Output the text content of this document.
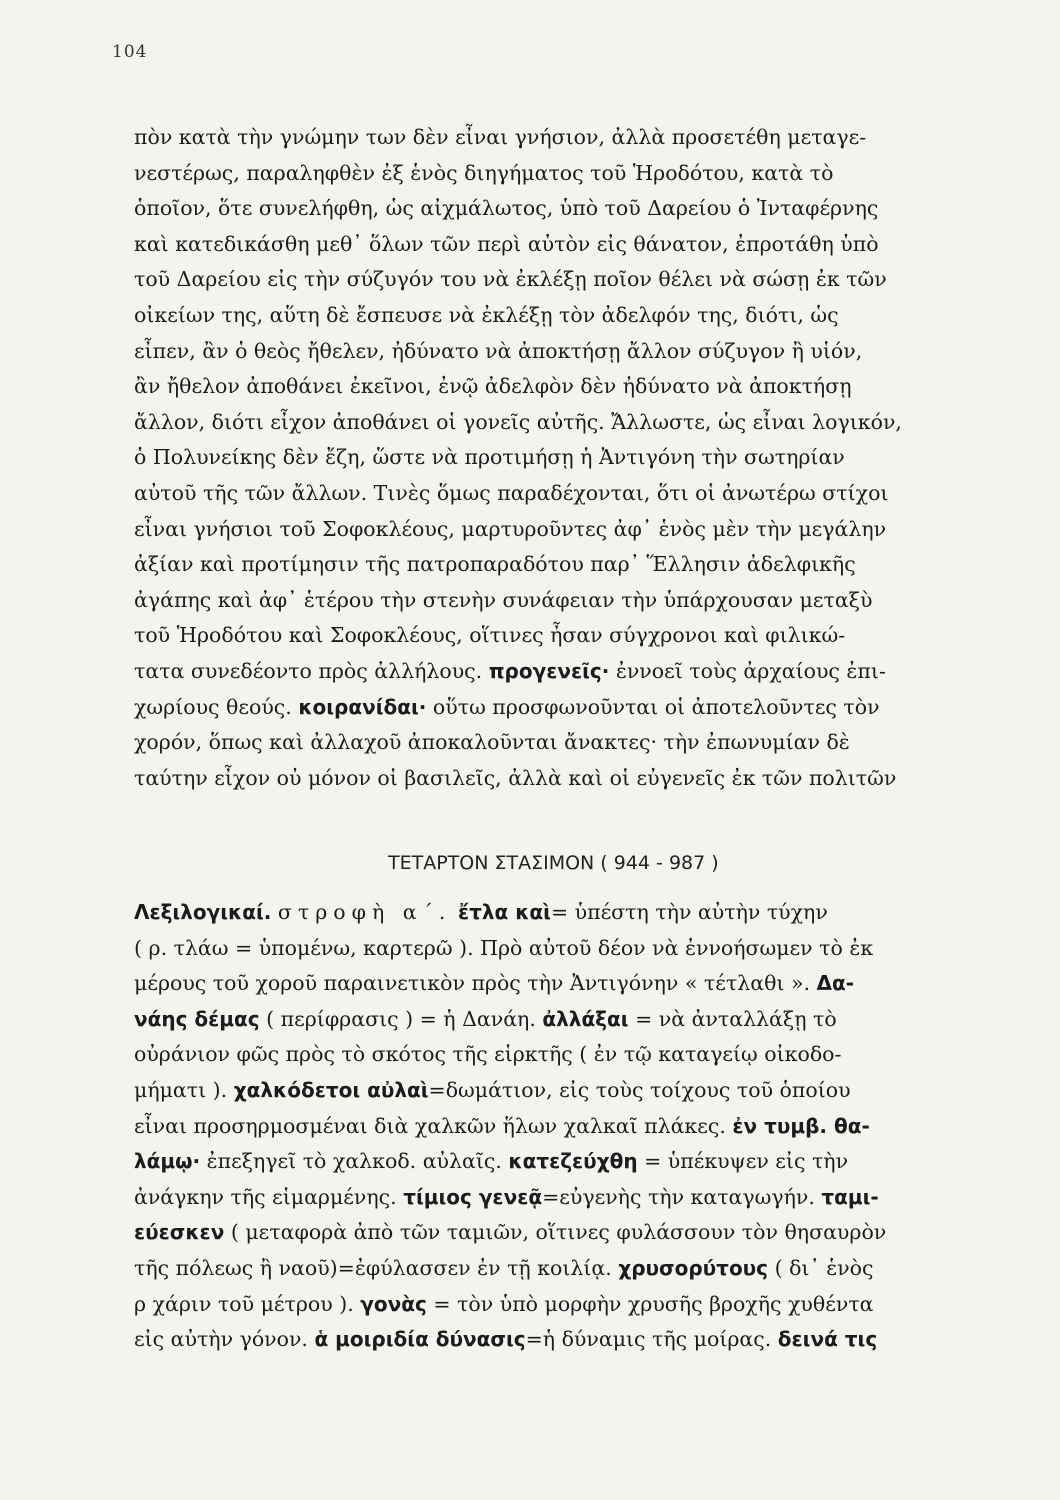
104
πὸν κατὰ τὴν γνώμην των δὲν εἶναι γνήσιον, ἀλλὰ προσετέθη μεταγε-
νεστέρως, παραληφθὲν ἐξ ἑνὸς διηγήματος τοῦ Ἡροδότου, κατὰ τὸ
ὁποῖον, ὅτε συνελήφθη, ὡς αἰχμάλωτος, ὑπὸ τοῦ Δαρείου ὁ Ἰνταφέρνης
καὶ κατεδικάσθη μεθ᾿ ὅλων τῶν περὶ αὐτὸν εἰς θάνατον, ἐπροτάθη ὑπὸ
τοῦ Δαρείου εἰς τὴν σύζυγόν του νὰ ἐκλέξῃ ποῖον θέλει νὰ σώσῃ ἐκ τῶν
οἰκείων της, αὕτη δὲ ἔσπευσε νὰ ἐκλέξῃ τὸν ἀδελφόν της, διότι, ὡς
εἶπεν, ἂν ὁ θεὸς ἤθελεν, ἠδύνατο νὰ ἀποκτήσῃ ἄλλον σύζυγον ἢ υἱόν,
ἂν ἤθελον ἀποθάνει ἐκεῖνοι, ἐνῷ ἀδελφὸν δὲν ἠδύνατο νὰ ἀποκτήσῃ
ἄλλον, διότι εἶχον ἀποθάνει οἱ γονεῖς αὐτῆς. Ἄλλωστε, ὡς εἶναι λογικόν,
ὁ Πολυνείκης δὲν ἔζη, ὥστε νὰ προτιμήσῃ ἡ Ἀντιγόνη τὴν σωτηρίαν
αὐτοῦ τῆς τῶν ἄλλων. Τινὲς ὅμως παραδέχονται, ὅτι οἱ ἀνωτέρω στίχοι
εἶναι γνήσιοι τοῦ Σοφοκλέους, μαρτυροῦντες ἀφ᾿ ἑνὸς μὲν τὴν μεγάλην
ἀξίαν καὶ προτίμησιν τῆς πατροπαραδότου παρ᾿ Ἕλλησιν ἀδελφικῆς
ἀγάπης καὶ ἀφ᾿ ἑτέρου τὴν στενὴν συνάφειαν τὴν ὑπάρχουσαν μεταξὺ
τοῦ Ἡροδότου καὶ Σοφοκλέους, οἵτινες ἦσαν σύγχρονοι καὶ φιλικώ-
τατα συνεδέοντο πρὸς ἀλλήλους. προγενεῖς· ἐννοεῖ τοὺς ἀρχαίους ἐπι-
χωρίους θεούς. κοιρανίδαι· οὕτω προσφωνοῦνται οἱ ἀποτελοῦντες τὸν
χορόν, ὅπως καὶ ἀλλαχοῦ ἀποκαλοῦνται ἄνακτες· τὴν ἐπωνυμίαν δὲ
ταύτην εἶχον οὐ μόνον οἱ βασιλεῖς, ἀλλὰ καὶ οἱ εὐγενεῖς ἐκ τῶν πολιτῶν
ΤΕΤΑΡΤΟΝ ΣΤΑΣΙΜΟΝ ( 944 - 987 )
Λεξιλογικαί. στροφὴ α΄. ἔτλα καὶ= ὑπέστη τὴν αὐτὴν τύχην
( ρ. τλάω = ὑπομένω, καρτερῶ ). Πρὸ αὐτοῦ δέον νὰ ἐννοήσωμεν τὸ ἐκ
μέρους τοῦ χοροῦ παραινετικὸν πρὸς τὴν Ἀντιγόνην « τέτλαθι ». Δα-
νάης δέμας ( περίφρασις ) = ἡ Δανάη. ἀλλάξαι = νὰ ἀνταλλάξῃ τὸ
οὐράνιον φῶς πρὸς τὸ σκότος τῆς εἱρκτῆς ( ἐν τῷ καταγείῳ οἰκοδο-
μήματι ). χαλκόδετοι αὐλαὶ=δωμάτιον, εἰς τοὺς τοίχους τοῦ ὁποίου
εἶναι προσηρμοσμέναι διὰ χαλκῶν ἥλων χαλκαῖ πλάκες. ἐν τυμβ. θα-
λάμῳ· ἐπεξηγεῖ τὸ χαλκοδ. αὐλαῖς. κατεζεύχθη = ὑπέκυψεν εἰς τὴν
ἀνάγκην τῆς εἱμαρμένης. τίμιος γενεᾷ=εὐγενὴς τὴν καταγωγήν. ταμι-
εύεσκεν ( μεταφορὰ ἀπὸ τῶν ταμιῶν, οἵτινες φυλάσσουν τὸν θησαυρὸν
τῆς πόλεως ἢ ναοῦ)=ἐφύλασσεν ἐν τῇ κοιλίᾳ. χρυσορύτους ( δι᾿ ἑνὸς
ρ χάριν τοῦ μέτρου ). γονὰς = τὸν ὑπὸ μορφὴν χρυσῆς βροχῆς χυθέντα
εἰς αὐτὴν γόνον. ἁ μοιριδία δύνασις=ἡ δύναμις τῆς μοίρας. δεινά τις
